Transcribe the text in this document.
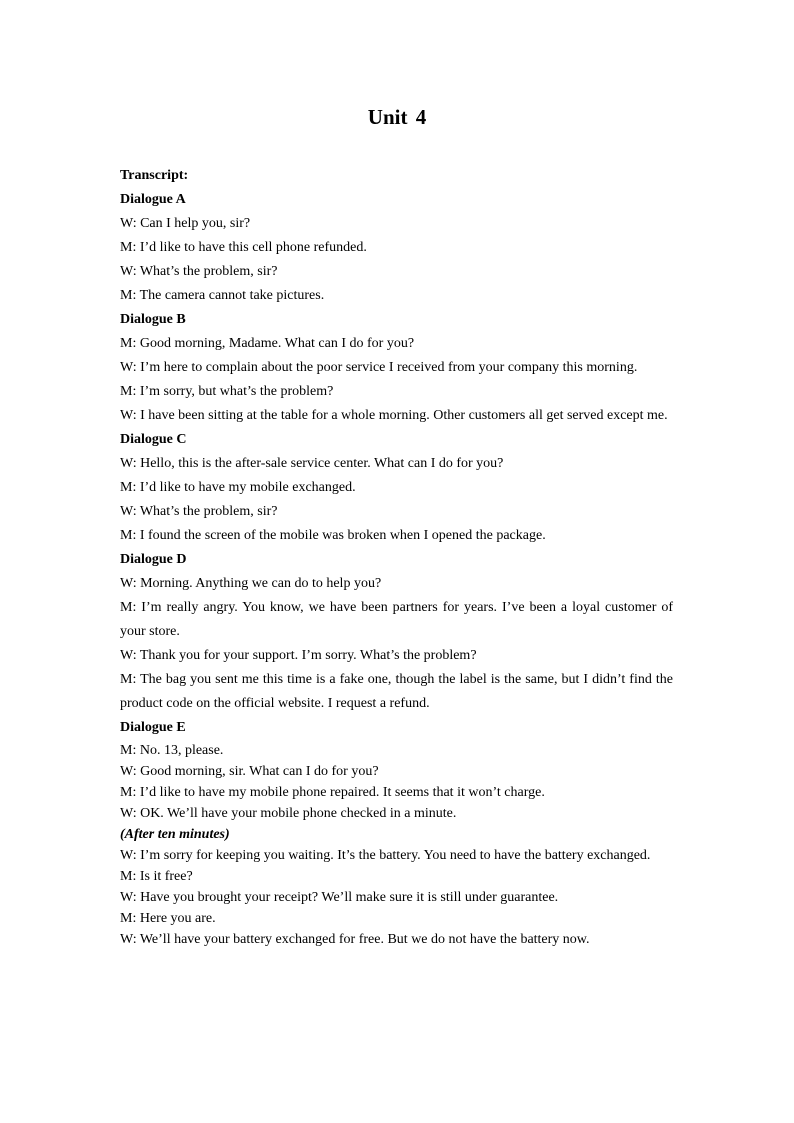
Unit 4

Transcript:

Dialogue A

W: Can I help you, sir?

M: I’d like to have this cell phone refunded.

W: What’s the problem, sir?

M: The camera cannot take pictures.

Dialogue B

M: Good morning, Madame. What can I do for you?

W: I’m here to complain about the poor service I received from your company this morning.

M: I’m sorry, but what’s the problem?

W: I have been sitting at the table for a whole morning. Other customers all get served except me.

Dialogue C

W: Hello, this is the after-sale service center. What can I do for you?

M: I’d like to have my mobile exchanged.

W: What’s the problem, sir?

M: I found the screen of the mobile was broken when I opened the package.

Dialogue D

W: Morning. Anything we can do to help you?

M: I’m really angry. You know, we have been partners for years. I’ve been a loyal customer of your store.

W: Thank you for your support. I’m sorry. What’s the problem?

M: The bag you sent me this time is a fake one, though the label is the same, but I didn’t find the product code on the official website. I request a refund.

Dialogue E

M: No. 13, please.

W: Good morning, sir. What can I do for you?

M: I’d like to have my mobile phone repaired. It seems that it won’t charge.

W: OK. We’ll have your mobile phone checked in a minute.

(After ten minutes)

W: I’m sorry for keeping you waiting. It’s the battery. You need to have the battery exchanged.

M: Is it free?

W: Have you brought your receipt? We’ll make sure it is still under guarantee.

M: Here you are.

W: We’ll have your battery exchanged for free. But we do not have the battery now.
